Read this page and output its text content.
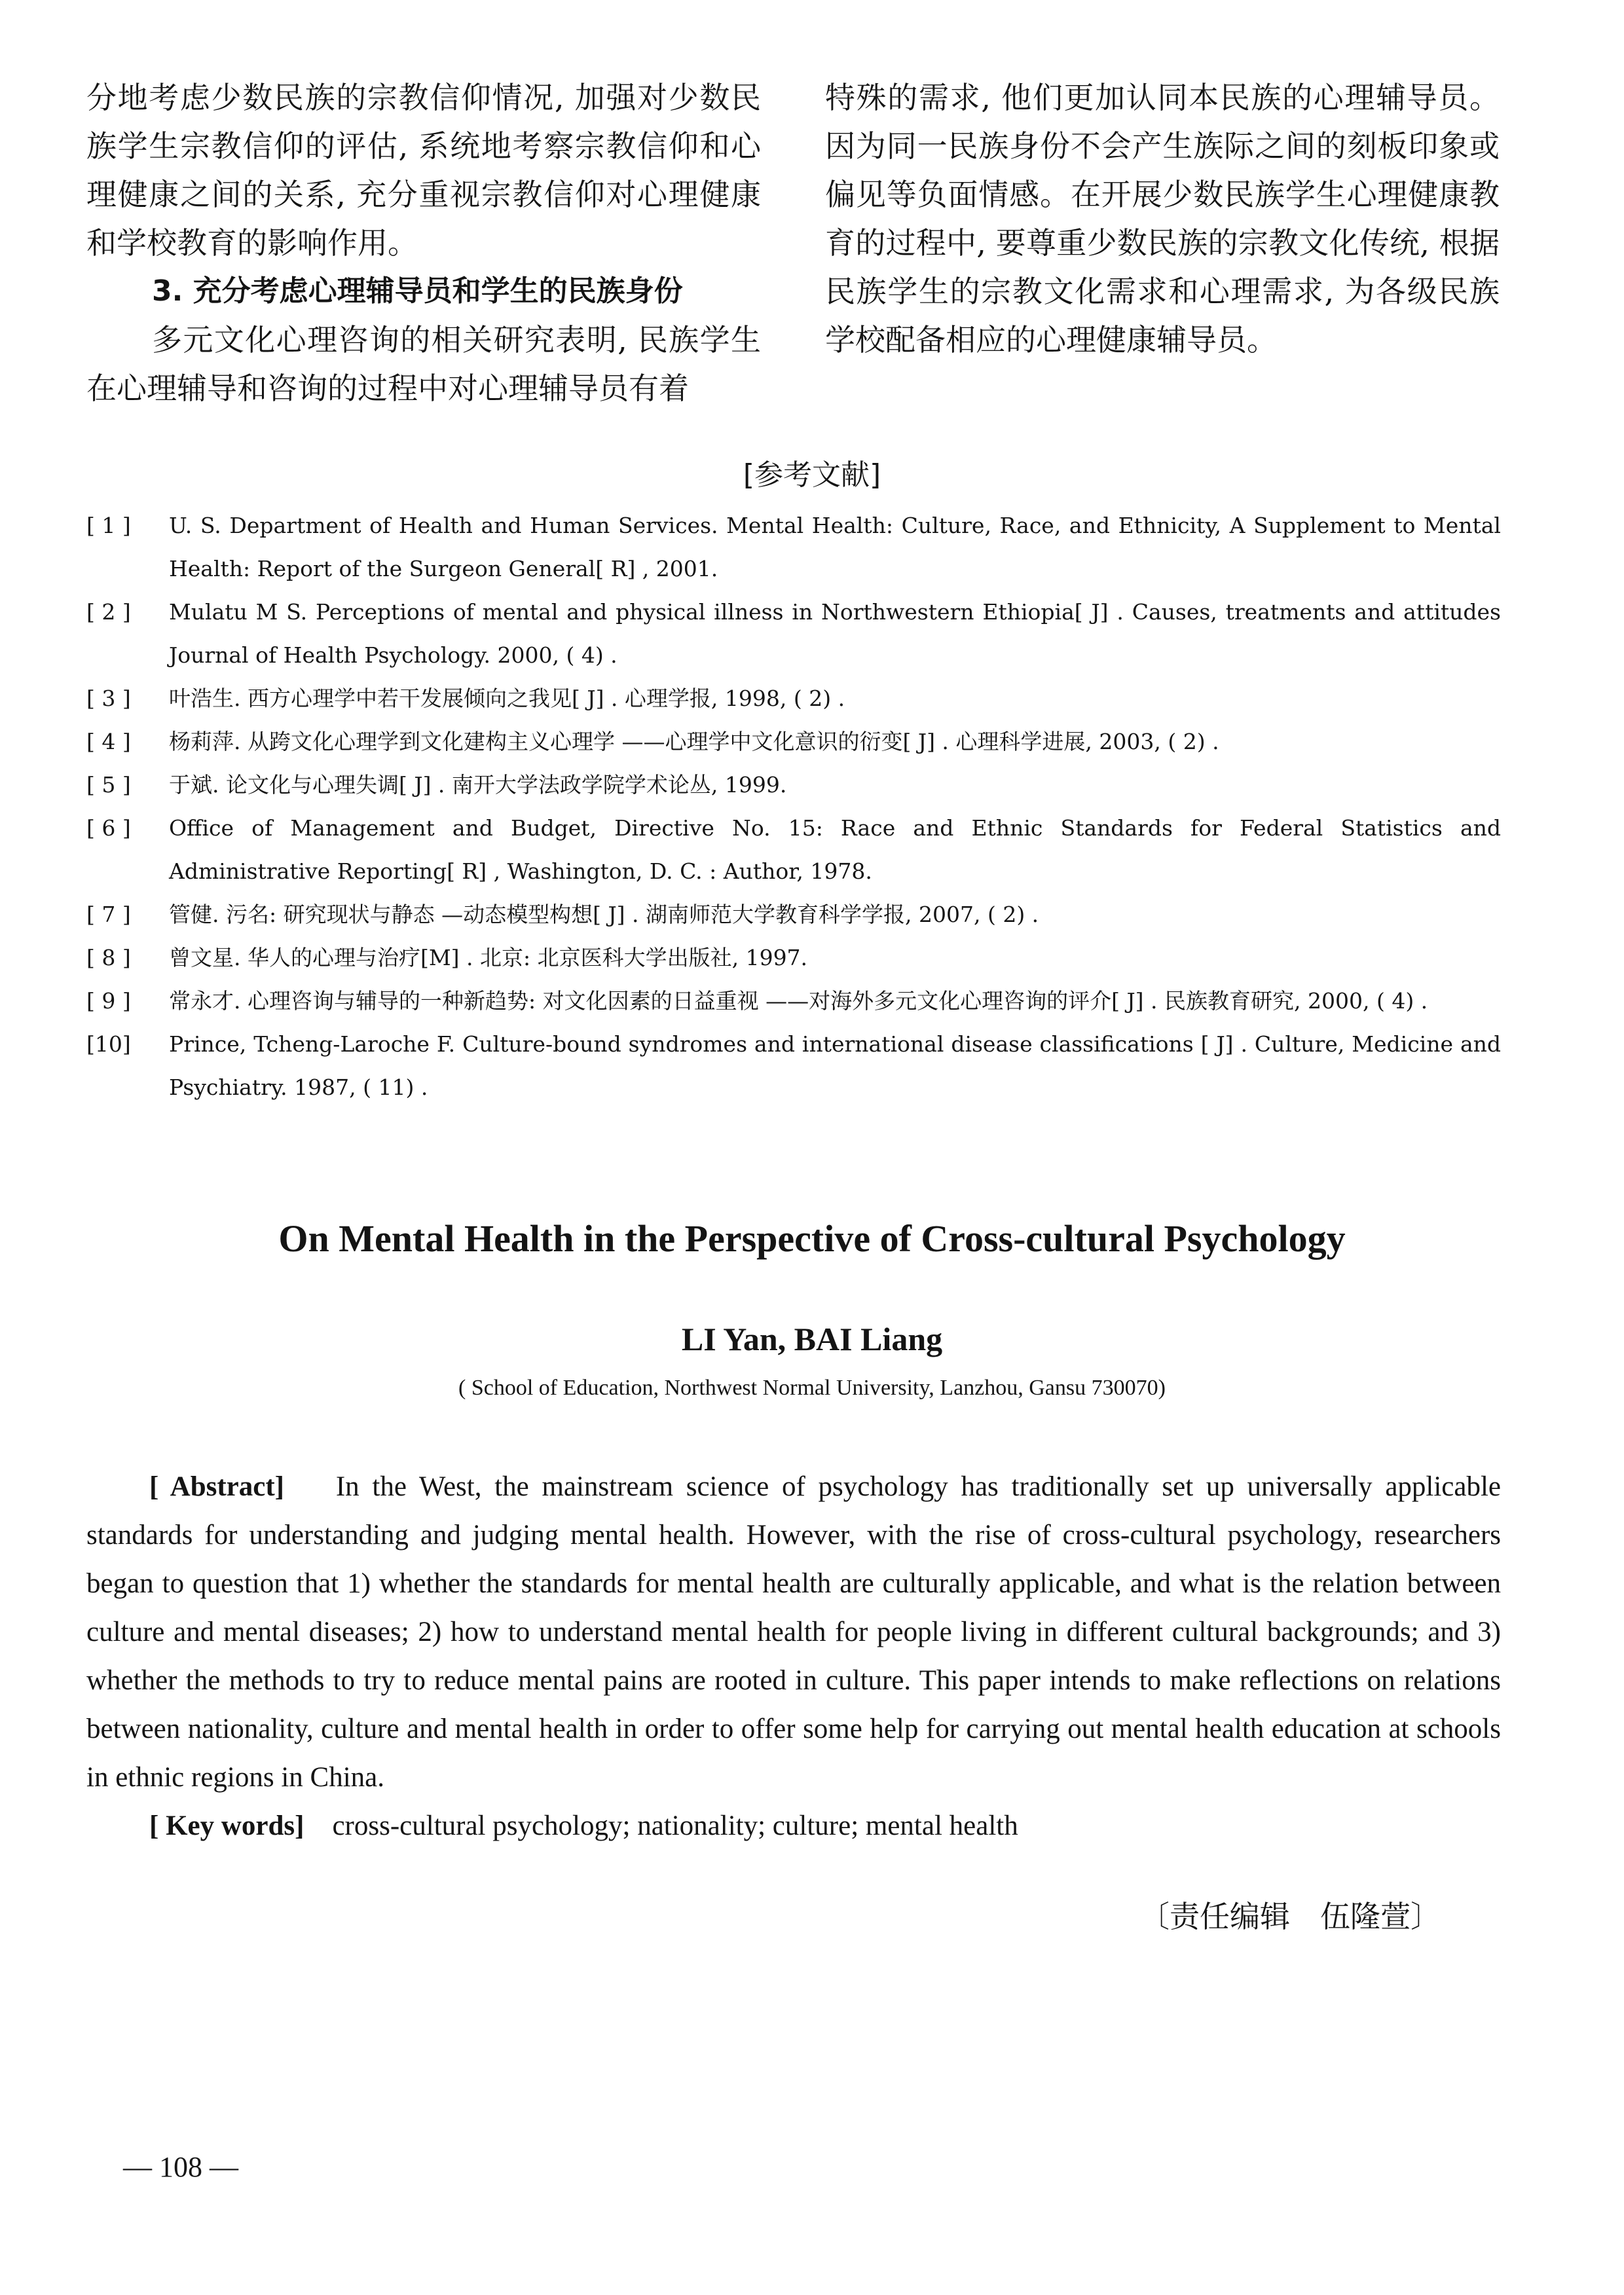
分地考虑少数民族的宗教信仰情况, 加强对少数民族学生宗教信仰的评估, 系统地考察宗教信仰和心理健康之间的关系, 充分重视宗教信仰对心理健康和学校教育的影响作用。

3. 充分考虑心理辅导员和学生的民族身份

多元文化心理咨询的相关研究表明, 民族学生在心理辅导和咨询的过程中对心理辅导员有着

特殊的需求, 他们更加认同本民族的心理辅导员。因为同一民族身份不会产生族际之间的刻板印象或偏见等负面情感。在开展少数民族学生心理健康教育的过程中, 要尊重少数民族的宗教文化传统, 根据民族学生的宗教文化需求和心理需求, 为各级民族学校配备相应的心理健康辅导员。

[参考文献]
[ 1 ]	U. S. Department of Health and Human Services. Mental Health: Culture, Race, and Ethnicity, A Supplement to Mental Health: Report of the Surgeon General[ R] , 2001.
[ 2 ]	Mulatu M S. Perceptions of mental and physical illness in Northwestern Ethiopia[ J] . Causes, treatments and attitudes Journal of Health Psychology. 2000, ( 4) .
[ 3 ]	叶浩生. 西方心理学中若干发展倾向之我见[ J] . 心理学报, 1998, ( 2) .
[ 4 ]	杨莉萍. 从跨文化心理学到文化建构主义心理学 ——心理学中文化意识的衍变[ J] . 心理科学进展, 2003, ( 2) .
[ 5 ]	于斌. 论文化与心理失调[ J] . 南开大学法政学院学术论丛, 1999.
[ 6 ]	Office of Management and Budget, Directive No. 15: Race and Ethnic Standards for Federal Statistics and Administrative Reporting[ R] , Washington, D. C. : Author, 1978.
[ 7 ]	管健. 污名: 研究现状与静态 —动态模型构想[ J] . 湖南师范大学教育科学学报, 2007, ( 2) .
[ 8 ]	曾文星. 华人的心理与治疗[M] . 北京: 北京医科大学出版社, 1997.
[ 9 ]	常永才. 心理咨询与辅导的一种新趋势: 对文化因素的日益重视 ——对海外多元文化心理咨询的评介[ J] . 民族教育研究, 2000, ( 4) .
[10]	Prince, Tcheng-Laroche F. Culture-bound syndromes and international disease classifications [ J] . Culture, Medicine and Psychiatry. 1987, ( 11) .
On Mental Health in the Perspective of Cross-cultural Psychology
LI Yan, BAI Liang
( School of Education, Northwest Normal University, Lanzhou, Gansu 730070)
[ Abstract] In the West, the mainstream science of psychology has traditionally set up universally applicable standards for understanding and judging mental health. However, with the rise of cross-cultural psychology, researchers began to question that 1) whether the standards for mental health are culturally applicable, and what is the relation between culture and mental diseases; 2) how to understand mental health for people living in different cultural backgrounds; and 3) whether the methods to try to reduce mental pains are rooted in culture. This paper intends to make reflections on relations between nationality, culture and mental health in order to offer some help for carrying out mental health education at schools in ethnic regions in China.
[ Key words] cross-cultural psychology; nationality; culture; mental health
〔责任编辑　伍隆萱〕
— 108 —
